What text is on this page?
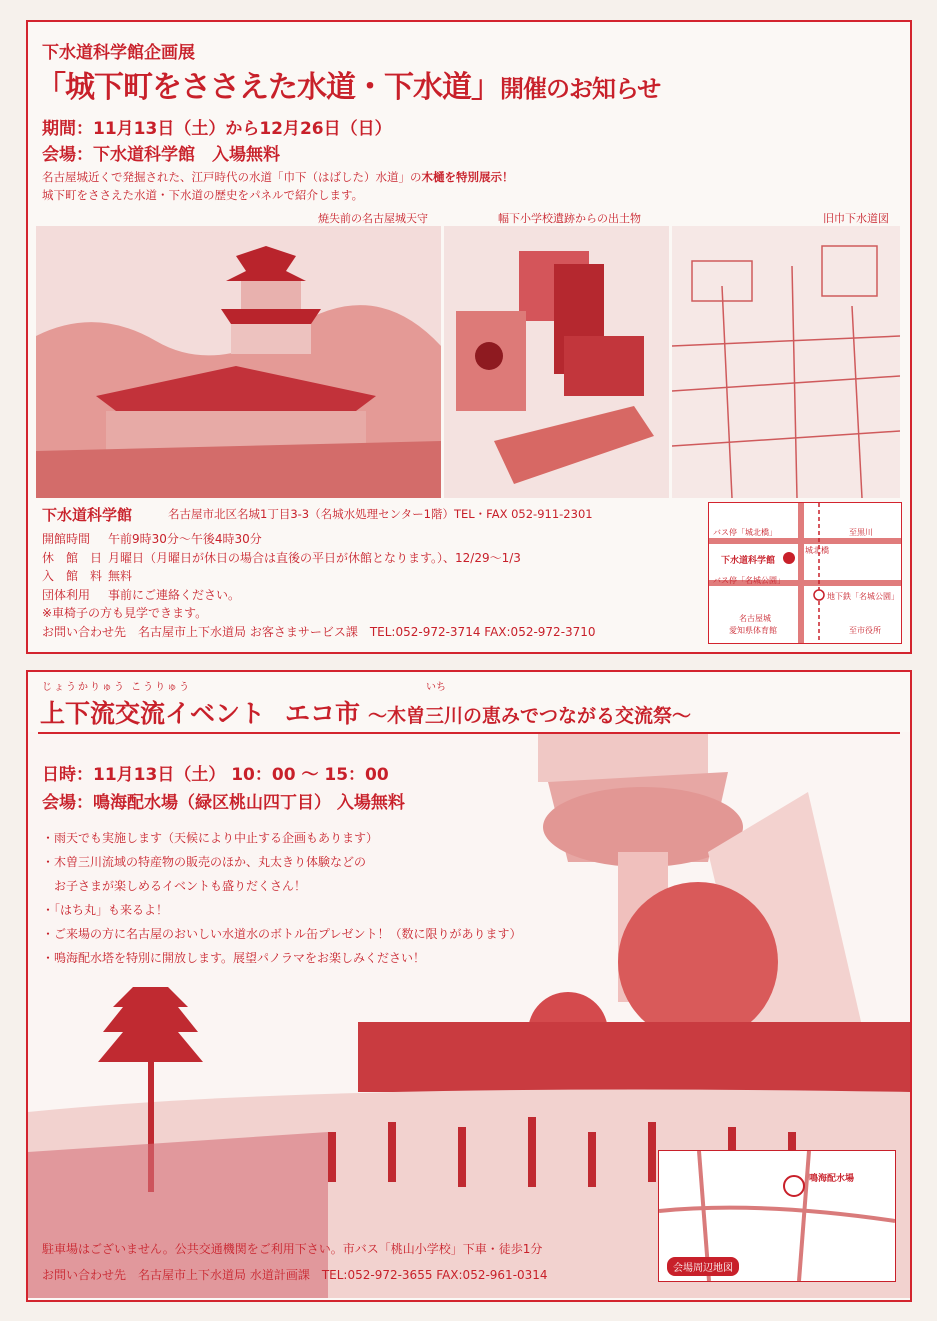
下水道科学館企画展
「城下町をささえた水道・下水道」開催のお知らせ
期間：11月13日（土）から12月26日（日）
会場：下水道科学館　入場無料
名古屋城近くで発掘された、江戸時代の水道「巾下（はばした）水道」の木樋を特別展示！
城下町をささえた水道・下水道の歴史をパネルで紹介します。
焼失前の名古屋城天守	幅下小学校遺跡からの出土物	旧巾下水道図
下水道科学館	名古屋市北区名城1丁目3-3（名城水処理センター1階）TEL・FAX 052-911-2301
開館時間 午前9時30分〜午後4時30分
休　館　日 月曜日（月曜日が休日の場合は直後の平日が休館となります。）、12/29〜1/3
入　館　料 無料
団体利用 事前にご連絡ください。
※車椅子の方も見学できます。
お問い合わせ先　名古屋市上下水道局 お客さまサービス課　TEL:052-972-3714 FAX:052-972-3710
バス停「城北橋」	至黒川
城北橋
下水道科学館
バス停「名城公園」
地下鉄「名城公園」
名古屋城
愛知県体育館	至市役所
じょうかりゅう こうりゅう	いち
上下流交流イベント エコ市 〜木曽三川の恵みでつながる交流祭〜
日時：11月13日（土） 10：00 〜 15：00
会場：鳴海配水場（緑区桃山四丁目） 入場無料
・雨天でも実施します（天候により中止する企画もあります）
・木曽三川流域の特産物の販売のほか、丸太きり体験などの
　お子さまが楽しめるイベントも盛りだくさん！
・「はち丸」も来るよ！
・ご来場の方に名古屋のおいしい水道水のボトル缶プレゼント！（数に限りがあります）
・鳴海配水塔を特別に開放します。展望パノラマをお楽しみください！
鳴海配水場
会場周辺地図
駐車場はございません。公共交通機関をご利用下さい。市バス「桃山小学校」下車・徒歩1分
お問い合わせ先　名古屋市上下水道局 水道計画課　TEL:052-972-3655 FAX:052-961-0314
